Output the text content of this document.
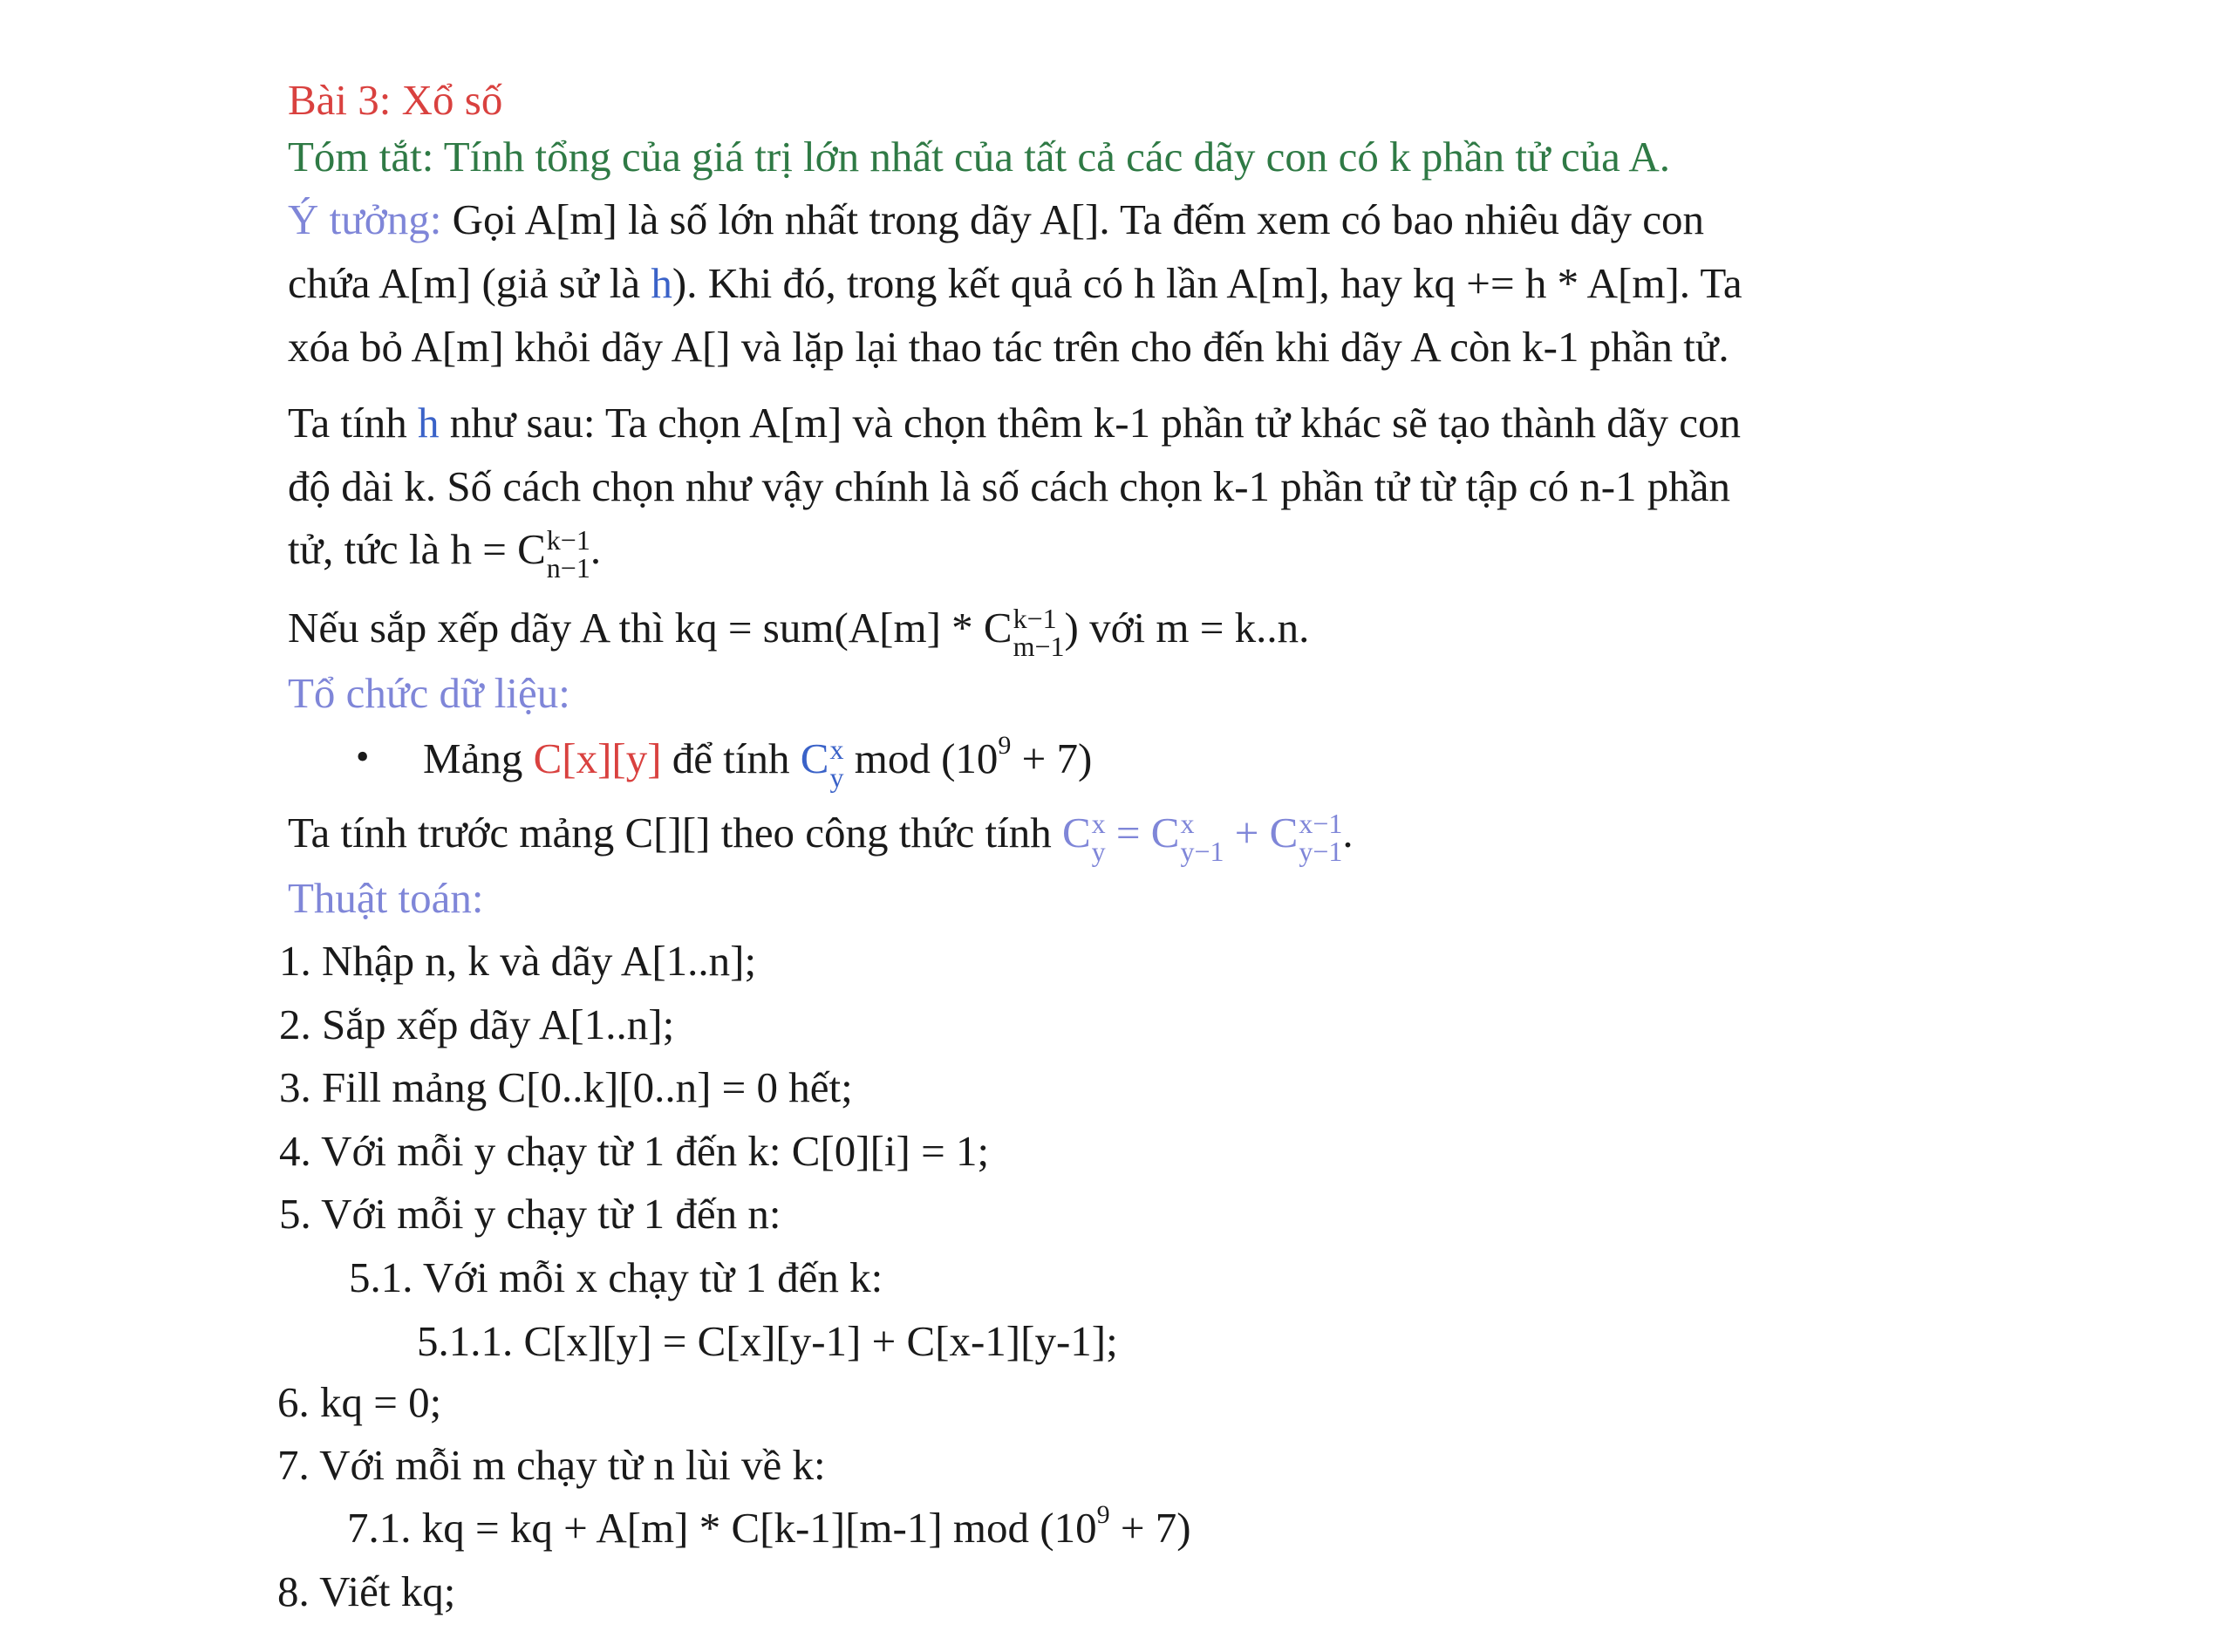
Bài 3: Xổ số
Tóm tắt: Tính tổng của giá trị lớn nhất của tất cả các dãy con có k phần tử của A.
Ý tưởng: Gọi A[m] là số lớn nhất trong dãy A[]. Ta đếm xem có bao nhiêu dãy con
chứa A[m] (giả sử là h). Khi đó, trong kết quả có h lần A[m], hay kq += h * A[m]. Ta
xóa bỏ A[m] khỏi dãy A[] và lặp lại thao tác trên cho đến khi dãy A còn k-1 phần tử.
Ta tính h như sau: Ta chọn A[m] và chọn thêm k-1 phần tử khác sẽ tạo thành dãy con
độ dài k. Số cách chọn như vậy chính là số cách chọn k-1 phần tử từ tập có n-1 phần
tử, tức là h = C k−1
n−1 .
Nếu sắp xếp dãy A thì kq = sum(A[m] * C k−1
m−1 ) với m = k..n.
Tổ chức dữ liệu:
• Mảng C[x][y] để tính C x
y mod $(10^9 + 7)$
Ta tính trước mảng C[][] theo công thức tính C x
y = C x
y−1 + C x−1
y−1 .
Thuật toán:
1. Nhập n, k và dãy A[1..n];
2. Sắp xếp dãy A[1..n];
3. Fill mảng C[0..k][0..n] = 0 hết;
4. Với mỗi y chạy từ 1 đến k: C[0][i] = 1;
5. Với mỗi y chạy từ 1 đến n:
5.1. Với mỗi x chạy từ 1 đến k:
5.1.1. C[x][y] = C[x][y-1] + C[x-1][y-1];
6. kq = 0;
7. Với mỗi m chạy từ n lùi về k:
7.1. kq = kq + A[m] * C[k-1][m-1] mod $(10^9 + 7)$
8. Viết kq;
